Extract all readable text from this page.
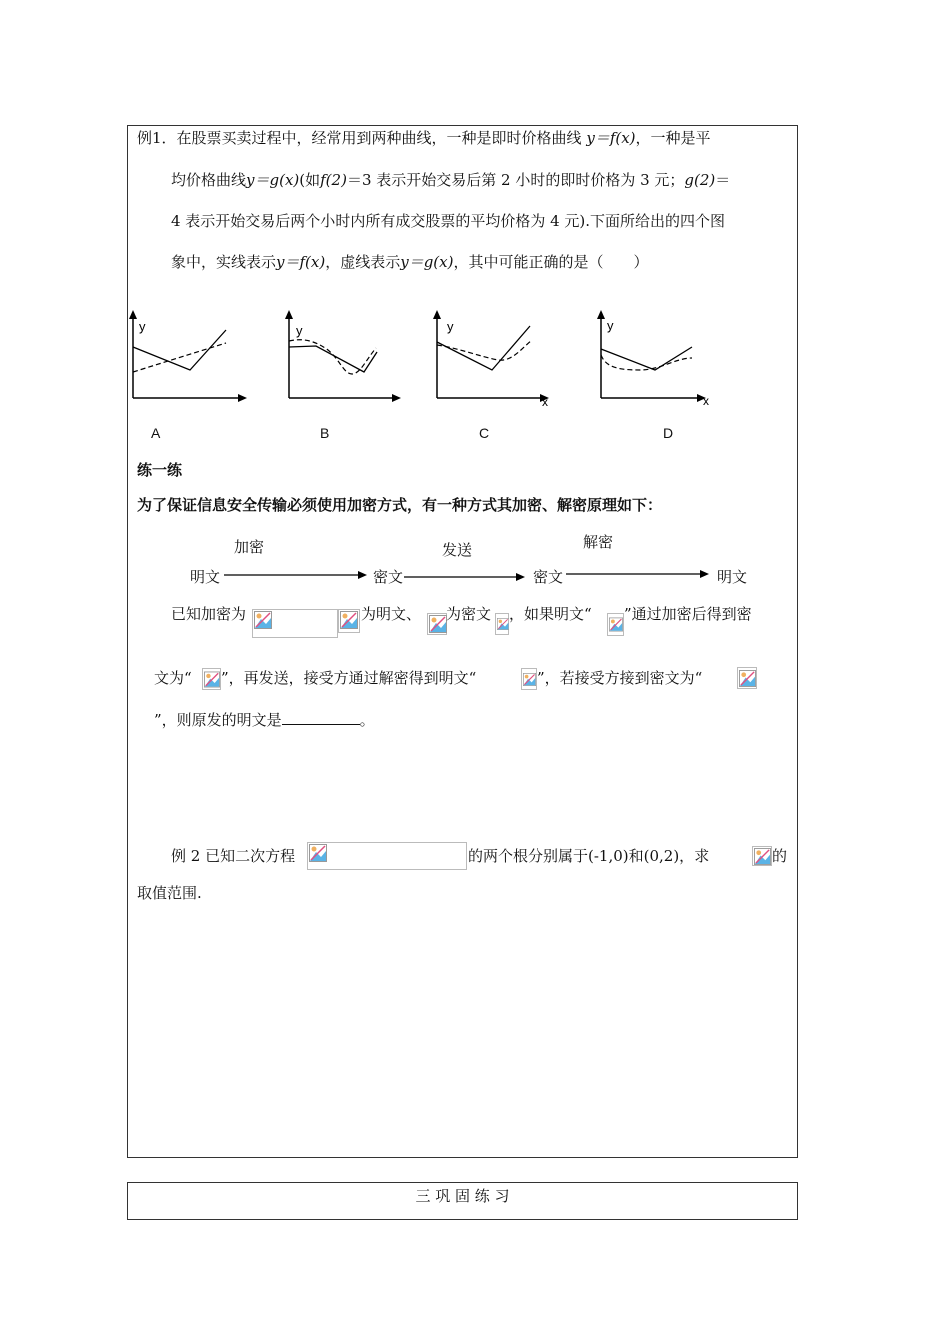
例1．在股票买卖过程中，经常用到两种曲线，一种是即时价格曲线 y＝f(x)，一种是平
均价格曲线y＝g(x)(如f(2)＝3 表示开始交易后第 2 小时的即时价格为 3 元；g(2)＝
4 表示开始交易后两个小时内所有成交股票的平均价格为 4 元).下面所给出的四个图
象中，实线表示y＝f(x)，虚线表示y＝g(x)，其中可能正确的是（　　）
y
A
y
B
y
x
C
y
x
D
练一练
为了保证信息安全传输必须使用加密方式，有一种方式其加密、解密原理如下：
加密	发送	解密
明文	密文	密文	明文
已知加密为	为明文、 为密文 ，如果明文“ ”通过加密后得到密
文为“ ”，再发送，接受方通过解密得到明文“	”，若接受方接到密文为“
”，则原发的明文是	。
例 2 已知二次方程	的两个根分别属于(-1,0)和(0,2)，求	的
取值范围.
三 巩 固 练 习
